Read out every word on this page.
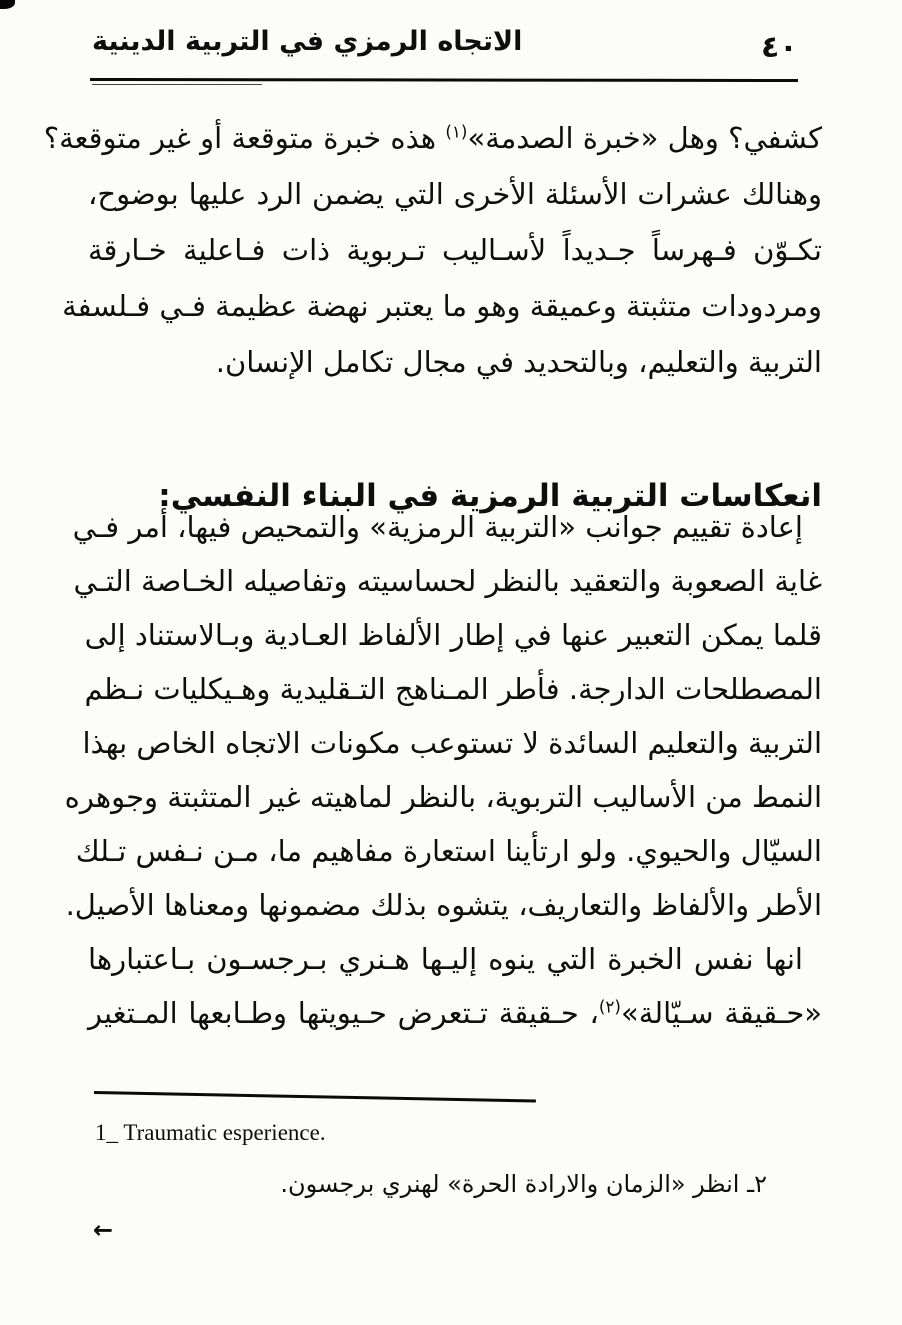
الاتجاه الرمزي في التربية الدينية	٤٠
كشفي؟ وهل «خبرة الصدمة»$^{(١)}$ هذه خبرة متوقعة أو غير متوقعة؟
وهنالك عشرات الأسئلة الأخرى التي يضمن الرد عليها بوضوح،
تكـوّن فـهرساً جـديداً لأسـاليب تـربوية ذات فـاعلية خـارقة
ومردودات متثبتة وعميقة وهو ما يعتبر نهضة عظيمة فـي فـلسفة
التربية والتعليم، وبالتحديد في مجال تكامل الإنسان.
انعكاسات التربية الرمزية في البناء النفسي:
إعادة تقييم جوانب «التربية الرمزية» والتمحيص فيها، أمر فـي
غاية الصعوبة والتعقيد بالنظر لحساسيته وتفاصيله الخـاصة التـي
قلما يمكن التعبير عنها في إطار الألفاظ العـادية وبـالاستناد إلى
المصطلحات الدارجة. فأطر المـناهج التـقليدية وهـيكليات نـظم
التربية والتعليم السائدة لا تستوعب مكونات الاتجاه الخاص بهذا
النمط من الأساليب التربوية، بالنظر لماهيته غير المتثبتة وجوهره
السيّال والحيوي. ولو ارتأينا استعارة مفاهيم ما، مـن نـفس تـلك
الأطر والألفاظ والتعاريف، يتشوه بذلك مضمونها ومعناها الأصيل.
انها نفس الخبرة التي ينوه إليـها هـنري بـرجسـون بـاعتبارها
«حـقيقة سـيّالة»$^{(٢)}$، حـقيقة تـتعرض حـيويتها وطـابعها المـتغير
1_ Traumatic esperience.
٢ـ انظر «الزمان والارادة الحرة» لهنري برجسون.
←
